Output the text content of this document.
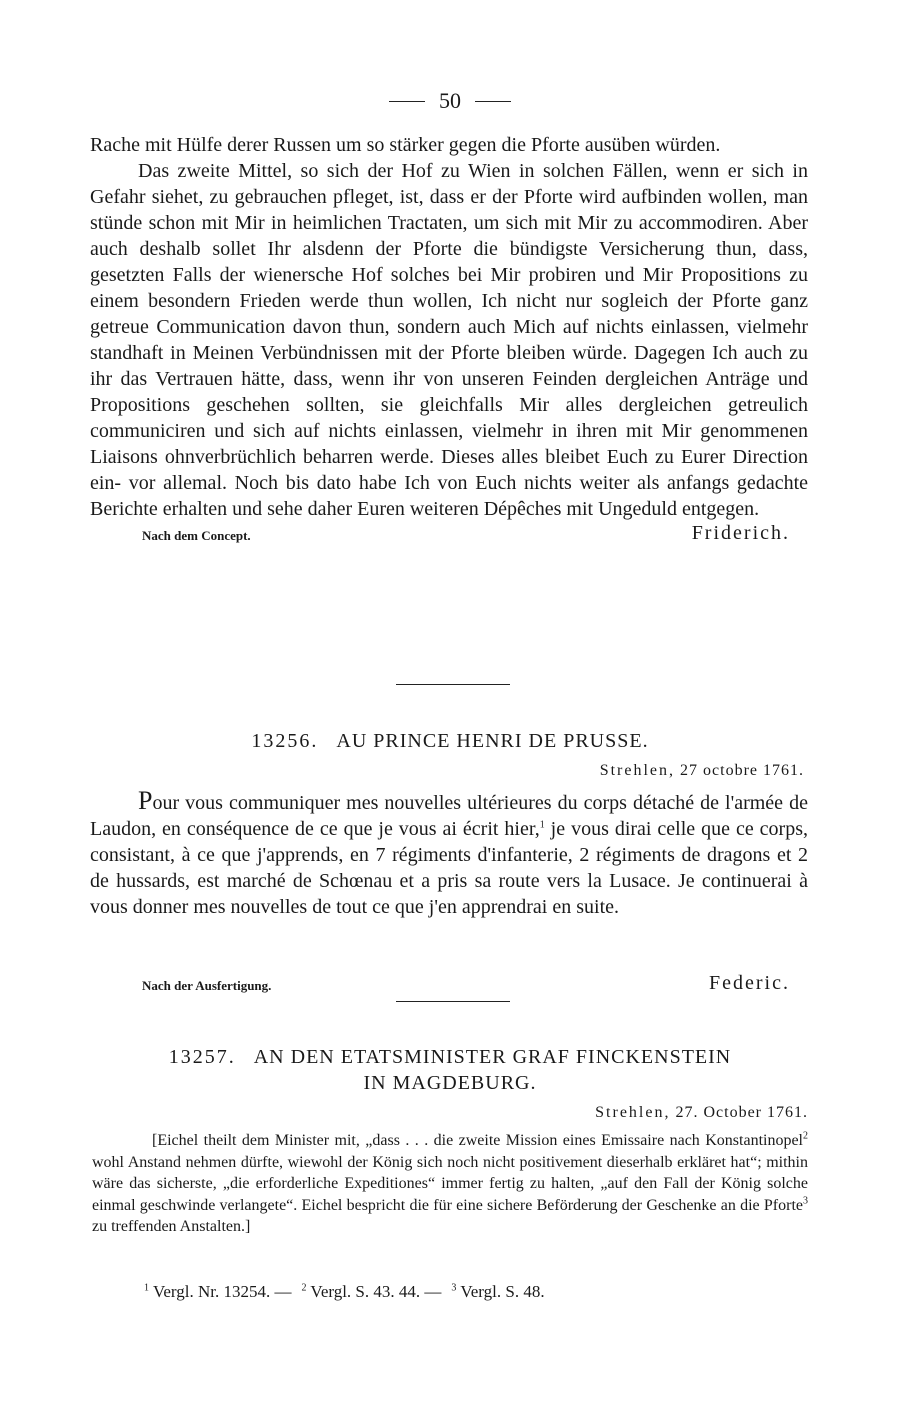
50

Rache mit Hülfe derer Russen um so stärker gegen die Pforte ausüben würden.

Das zweite Mittel, so sich der Hof zu Wien in solchen Fällen, wenn er sich in Gefahr siehet, zu gebrauchen pfleget, ist, dass er der Pforte wird aufbinden wollen, man stünde schon mit Mir in heimlichen Tractaten, um sich mit Mir zu accommodiren. Aber auch deshalb sollet Ihr alsdenn der Pforte die bündigste Versicherung thun, dass, gesetzten Falls der wienersche Hof solches bei Mir probiren und Mir Propositions zu einem besondern Frieden werde thun wollen, Ich nicht nur sogleich der Pforte ganz getreue Communication davon thun, sondern auch Mich auf nichts einlassen, vielmehr standhaft in Meinen Verbündnissen mit der Pforte bleiben würde. Dagegen Ich auch zu ihr das Vertrauen hätte, dass, wenn ihr von unseren Feinden dergleichen Anträge und Propositions geschehen sollten, sie gleichfalls Mir alles dergleichen getreulich communiciren und sich auf nichts einlassen, vielmehr in ihren mit Mir genommenen Liaisons ohnverbrüchlich beharren werde. Dieses alles bleibet Euch zu Eurer Direction ein- vor allemal. Noch bis dato habe Ich von Euch nichts weiter als anfangs gedachte Berichte erhalten und sehe daher Euren weiteren Dépêches mit Ungeduld entgegen.

Nach dem Concept.	Friderich.
13256. AU PRINCE HENRI DE PRUSSE.
Strehlen, 27 octobre 1761.

Pour vous communiquer mes nouvelles ultérieures du corps détaché de l'armée de Laudon, en conséquence de ce que je vous ai écrit hier,$^1$ je vous dirai celle que ce corps, consistant, à ce que j'apprends, en 7 régiments d'infanterie, 2 régiments de dragons et 2 de hussards, est marché de Schœnau et a pris sa route vers la Lusace. Je continuerai à vous donner mes nouvelles de tout ce que j'en apprendrai en suite.

Nach der Ausfertigung.	Federic.
13257. AN DEN ETATSMINISTER GRAF FINCKENSTEIN
IN MAGDEBURG.
Strehlen, 27. October 1761.

[Eichel theilt dem Minister mit, „dass . . . die zweite Mission eines Emissaire nach Konstantinopel$^2$ wohl Anstand nehmen dürfte, wiewohl der König sich noch nicht positivement dieserhalb erkläret hat“; mithin wäre das sicherste, „die erforderliche Expeditiones“ immer fertig zu halten, „auf den Fall der König solche einmal geschwinde verlangete“. Eichel bespricht die für eine sichere Beförderung der Geschenke an die Pforte$^3$ zu treffenden Anstalten.]

$^1$ Vergl. Nr. 13254. — $^2$ Vergl. S. 43. 44. — $^3$ Vergl. S. 48.
